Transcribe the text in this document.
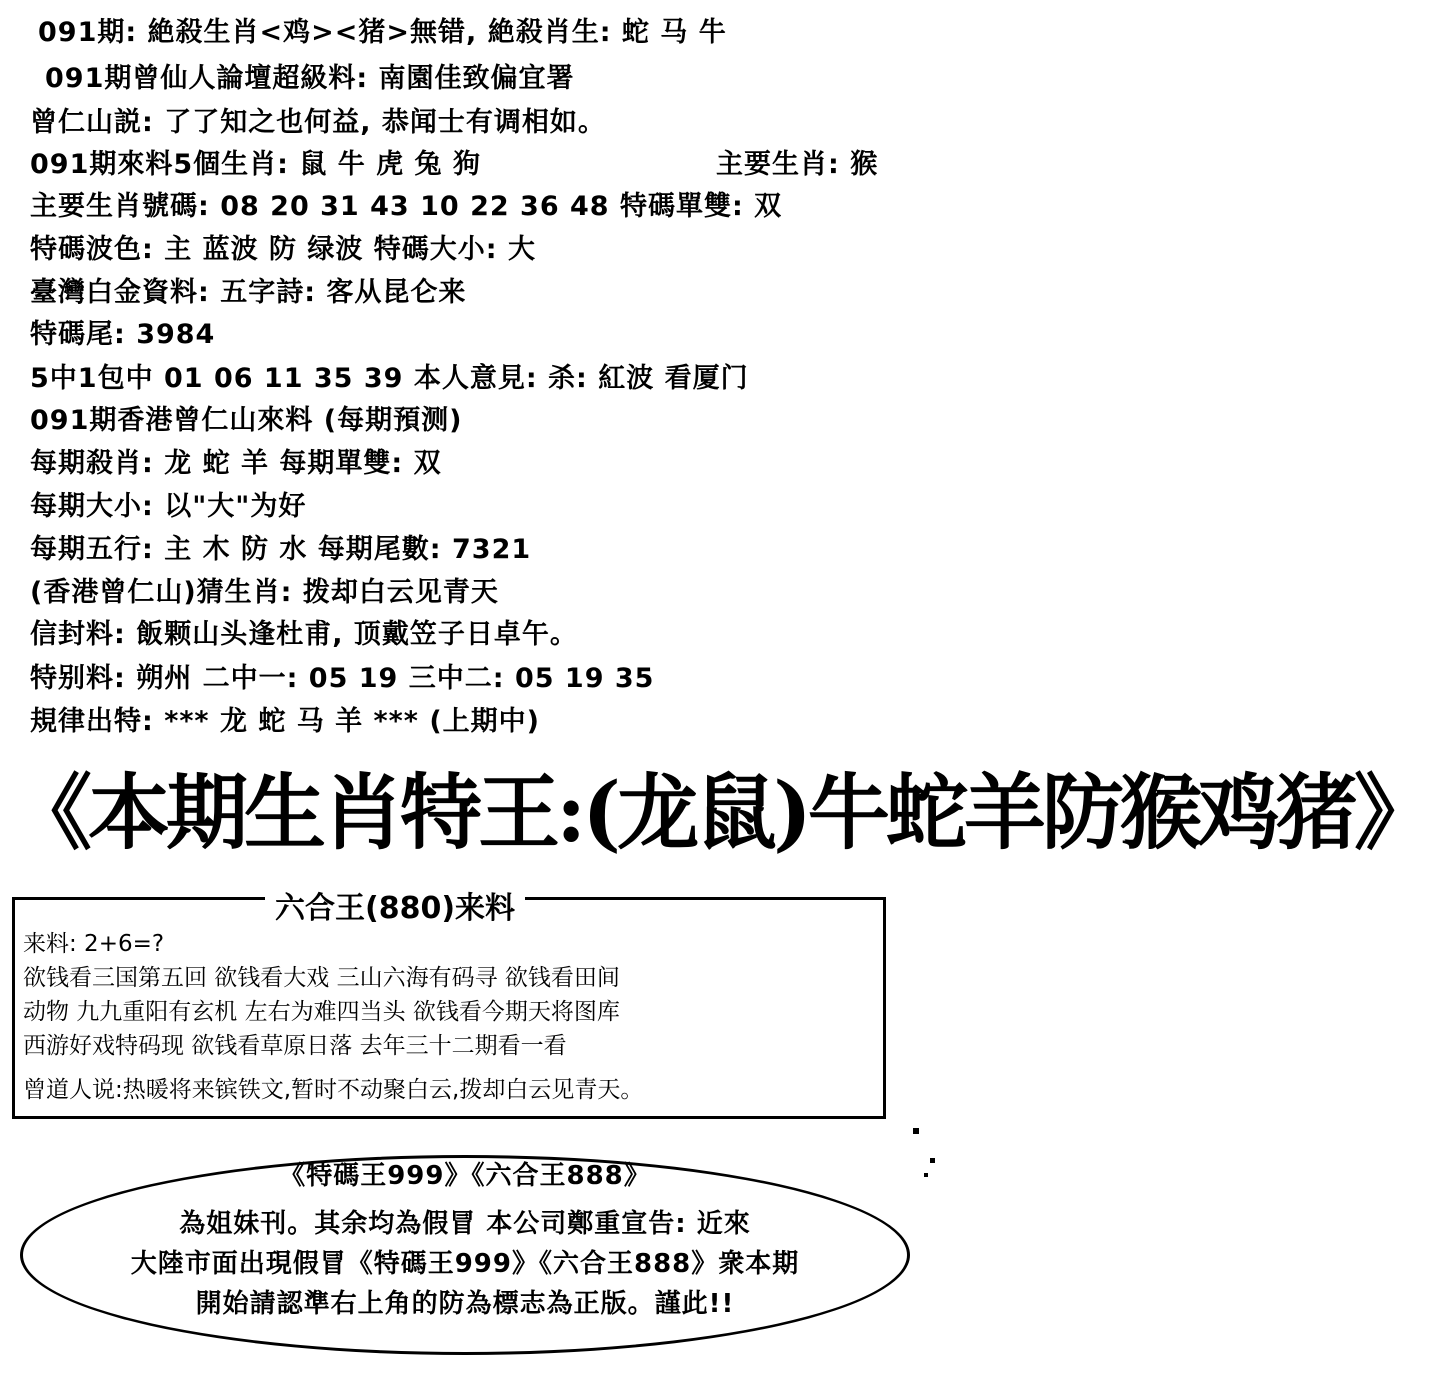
091期: 絶殺生肖<鸡><猪>無错, 絶殺肖生: 蛇 马 牛
091期曾仙人論壇超級料: 南園佳致偏宜署
曾仁山説: 了了知之也何益, 恭闻士有调相如。
091期來料5個生肖: 鼠 牛 虎 兔 狗	主要生肖: 猴
主要生肖號碼: 08 20 31 43 10 22 36 48 特碼單雙: 双
特碼波色: 主 蓝波 防 绿波 特碼大小: 大
臺灣白金資料: 五字詩: 客从昆仑来
特碼尾: 3984
5中1包中 01 06 11 35 39 本人意見: 杀: 紅波 看厦门
091期香港曾仁山來料 (每期預测)
每期殺肖: 龙 蛇 羊 每期單雙: 双
每期大小: 以"大"为好
每期五行: 主 木 防 水 每期尾數: 7321
(香港曾仁山)猜生肖: 拨却白云见青天
信封料: 飯颗山头逢杜甫, 顶戴笠子日卓午。
特别料: 朔州 二中一: 05 19 三中二: 05 19 35
規律出特: *** 龙 蛇 马 羊 *** (上期中)
《本期生肖特王:(龙鼠)牛蛇羊防猴鸡猪》
六合王(880)来料
来料: 2+6=?
欲钱看三国第五回 欲钱看大戏 三山六海有码寻 欲钱看田间
动物 九九重阳有玄机 左右为难四当头 欲钱看今期天将图库
西游好戏特码现 欲钱看草原日落 去年三十二期看一看
曾道人说:热暖将来镔铁文,暂时不动聚白云,拨却白云见青天。
《特碼王999》《六合王888》
為姐妹刊。其余均為假冒 本公司鄭重宣告: 近來
大陸市面出現假冒《特碼王999》《六合王888》衆本期
開始請認準右上角的防為標志為正版。謹此!!
